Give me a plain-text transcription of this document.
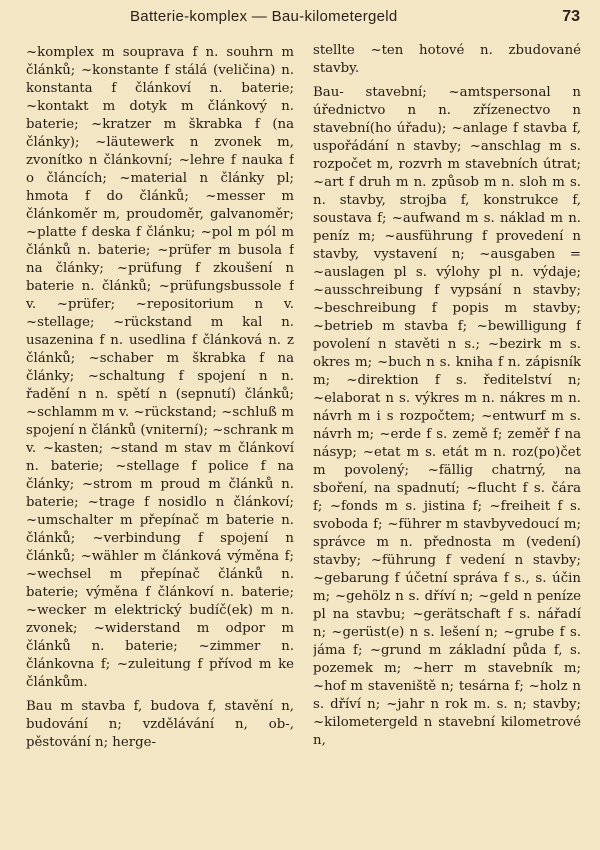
Batterie-komplex — Bau-kilometergeld	73

~komplex m souprava f n. souhrn m článků; ~konstante f stálá (veličina) n. konstanta f článkoví n. baterie; ~kontakt m dotyk m článkový n. baterie; ~kratzer m škrabka f (na články); ~läutewerk n zvonek m, zvonítko n článkovní; ~lehre f nauka f o článcích; ~material n články pl; hmota f do článků; ~messer m článkoměr m, proudoměr, galvanoměr; ~platte f deska f článku; ~pol m pól m článků n. baterie; ~prüfer m busola f na články; ~prüfung f zkoušení n baterie n. článků; ~prüfungsbussole f v. ~prüfer; ~repositorium n v. ~stellage; ~rückstand m kal n. usazenina f n. usedlina f článková n. z článků; ~schaber m škrabka f na články; ~schaltung f spojení n n. řadění n n. spětí n (sepnutí) článků; ~schlamm m v. ~rückstand; ~schluß m spojení n článků (vniterní); ~schrank m v. ~kasten; ~stand m stav m článkoví n. baterie; ~stellage f police f na články; ~strom m proud m článků n. baterie; ~trage f nosidlo n článkoví; ~umschalter m přepínač m baterie n. článků; ~verbindung f spojení n článků; ~wähler m článková výměna f; ~wechsel m přepínač článků n. baterie; výměna f článkoví n. baterie; ~wecker m elektrický budíč(ek) m n. zvonek; ~widerstand m odpor m článků n. baterie; ~zimmer n. článkovna f; ~zuleitung f přívod m ke článkům.

Bau m stavba f, budova f, stavění n, budování n; vzdělávání n, ob-, pěstování n; herge-

stellte ~ten hotové n. zbudované stavby.

Bau- stavební; ~amtspersonal n úřednictvo n n. zřízenectvo n stavební(ho úřadu); ~anlage f stavba f, uspořádání n stavby; ~anschlag m s. rozpočet m, rozvrh m stavebních útrat; ~art f druh m n. způsob m n. sloh m s. n. stavby, strojba f, konstrukce f, soustava f; ~aufwand m s. náklad m n. peníz m; ~ausführung f provedení n stavby, vystavení n; ~ausgaben = ~auslagen pl s. výlohy pl n. výdaje; ~ausschreibung f vypsání n stavby; ~beschreibung f popis m stavby; ~betrieb m stavba f; ~bewilligung f povolení n stavěti n s.; ~bezirk m s. okres m; ~buch n s. kniha f n. zápisník m; ~direktion f s. ředitelství n; ~elaborat n s. výkres m n. nákres m n. návrh m i s rozpočtem; ~entwurf m s. návrh m; ~erde f s. země f; zeměř f na násyp; ~etat m s. etát m n. roz(po)čet m povolený; ~fällig chatrný, na sboření, na spadnutí; ~flucht f s. čára f; ~fonds m s. jistina f; ~freiheit f s. svoboda f; ~führer m stavbyvedoucí m; správce m n. přednosta m (vedení) stavby; ~führung f vedení n stavby; ~gebarung f účetní správa f s., s. účin m; ~gehölz n s. dříví n; ~geld n peníze pl na stavbu; ~gerätschaft f s. nářadí n; ~gerüst(e) n s. lešení n; ~grube f s. jáma f; ~grund m základní půda f, s. pozemek m; ~herr m stavebník m; ~hof m staveniště n; tesárna f; ~holz n s. dříví n; ~jahr n rok m. s. n; stavby; ~kilometergeld n stavební kilometrové n,
